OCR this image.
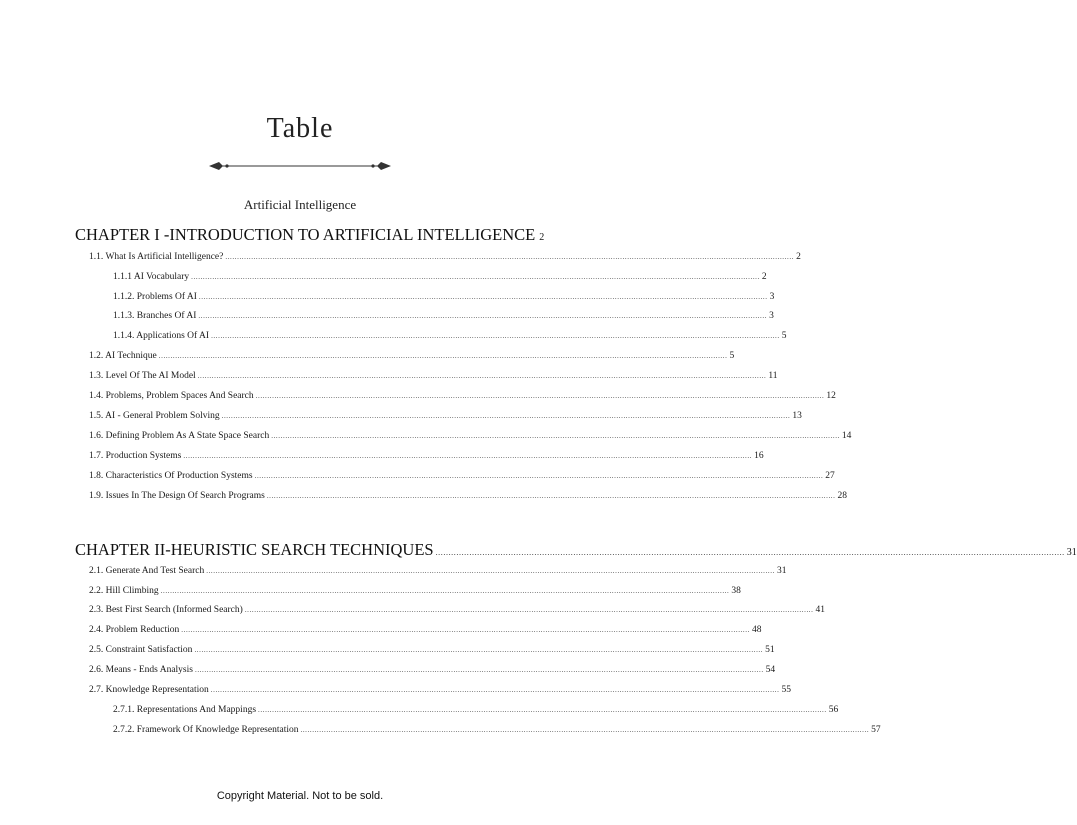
Table
Artificial Intelligence
CHAPTER I -INTRODUCTION TO ARTIFICIAL INTELLIGENCE 2
1.1. What Is Artificial Intelligence? .....	2
1.1.1 AI Vocabulary .....	2
1.1.2. Problems Of AI .....	3
1.1.3. Branches Of AI .....	3
1.1.4. Applications Of AI .....	5
1.2. AI Technique .....	5
1.3. Level Of The AI Model .....	11
1.4. Problems, Problem Spaces And Search .....	12
1.5. AI - General Problem Solving .....	13
1.6. Defining Problem As A State Space Search .....	14
1.7. Production Systems .....	16
1.8. Characteristics Of Production Systems .....	27
1.9. Issues In The Design Of Search Programs .....	28
CHAPTER II-HEURISTIC SEARCH TECHNIQUES .....	31
2.1. Generate And Test Search .....	31
2.2. Hill Climbing .....	38
2.3. Best First Search (Informed Search) .....	41
2.4. Problem Reduction .....	48
2.5. Constraint Satisfaction .....	51
2.6. Means - Ends Analysis .....	54
2.7. Knowledge Representation .....	55
2.7.1. Representations And Mappings .....	56
2.7.2. Framework Of Knowledge Representation .....	57
Copyright Material. Not to be sold.
